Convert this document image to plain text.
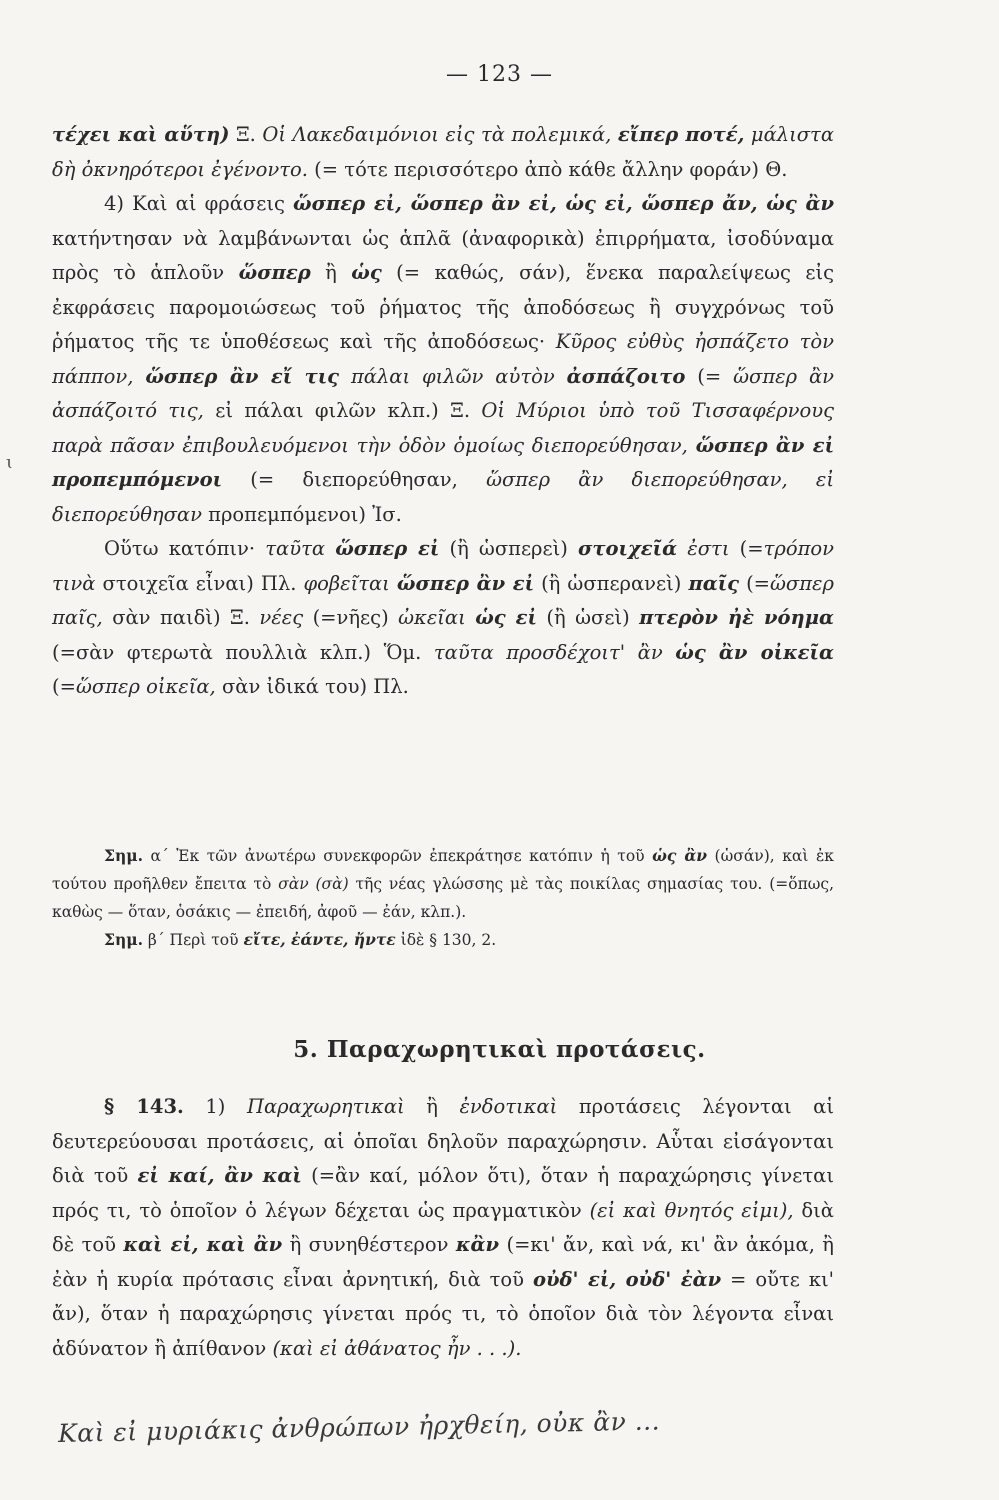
— 123 —
ɩ

τέχει καὶ αὕτη) Ξ. Οἱ Λακεδαιμόνιοι εἰς τὰ πολεμικά, εἴπερ ποτέ, μάλιστα δὴ ὀκνηρότεροι ἐγένοντο. (= τότε περισσότερο ἀπὸ κάθε ἄλλην φοράν) Θ.

4) Καὶ αἱ φράσεις ὥσπερ εἰ, ὥσπερ ἂν εἰ, ὡς εἰ, ὥσπερ ἄν, ὡς ἂν κατήντησαν νὰ λαμβάνωνται ὡς ἁπλᾶ (ἀναφορικὰ) ἐπιρρήματα, ἰσοδύναμα πρὸς τὸ ἁπλοῦν ὥσπερ ἢ ὡς (= καθώς, σάν), ἕνεκα παραλείψεως εἰς ἐκφράσεις παρομοιώσεως τοῦ ῥήματος τῆς ἀποδόσεως ἢ συγχρόνως τοῦ ῥήματος τῆς τε ὑποθέσεως καὶ τῆς ἀποδόσεως· Κῦρος εὐθὺς ἠσπάζετο τὸν πάππον, ὥσπερ ἂν εἴ τις πάλαι φιλῶν αὐτὸν ἀσπάζοιτο (= ὥσπερ ἂν ἀσπάζοιτό τις, εἰ πάλαι φιλῶν κλπ.) Ξ. Οἱ Μύριοι ὑπὸ τοῦ Τισσαφέρνους παρὰ πᾶσαν ἐπιβουλευόμενοι τὴν ὁδὸν ὁμοίως διεπορεύθησαν, ὥσπερ ἂν εἰ προπεμπόμενοι (= διεπορεύθησαν, ὥσπερ ἂν διεπορεύθησαν, εἰ διεπορεύθησαν προπεμπόμενοι) Ἰσ.

Οὕτω κατόπιν· ταῦτα ὥσπερ εἰ (ἢ ὡσπερεὶ) στοιχεῖά ἐστι (=τρόπον τινὰ στοιχεῖα εἶναι) Πλ. φοβεῖται ὥσπερ ἂν εἰ (ἢ ὡσπερανεὶ) παῖς (=ὥσπερ παῖς, σὰν παιδὶ) Ξ. νέες (=νῆες) ὠκεῖαι ὡς εἰ (ἢ ὡσεὶ) πτερὸν ἠὲ νόημα (=σὰν φτερωτὰ πουλλιὰ κλπ.) Ὅμ. ταῦτα προσδέχοιτ' ἂν ὡς ἂν οἰκεῖα (=ὥσπερ οἰκεῖα, σὰν ἰδικά του) Πλ.

Σημ. α΄ Ἐκ τῶν ἀνωτέρω συνεκφορῶν ἐπεκράτησε κατόπιν ἡ τοῦ ὡς ἂν (ὡσάν), καὶ ἐκ τούτου προῆλθεν ἔπειτα τὸ σὰν (σὰ) τῆς νέας γλώσσης μὲ τὰς ποικίλας σημασίας του. (=ὅπως, καθὼς — ὅταν, ὁσάκις — ἐπειδή, ἀφοῦ — ἐάν, κλπ.).

Σημ. β΄ Περὶ τοῦ εἴτε, ἐάντε, ἤντε ἰδὲ § 130, 2.

5. Παραχωρητικαὶ προτάσεις.

§ 143. 1) Παραχωρητικαὶ ἢ ἐνδοτικαὶ προτάσεις λέγονται αἱ δευτερεύουσαι προτάσεις, αἱ ὁποῖαι δηλοῦν παραχώρησιν. Αὗται εἰσάγονται διὰ τοῦ εἰ καί, ἂν καὶ (=ἂν καί, μόλον ὅτι), ὅταν ἡ παραχώρησις γίνεται πρός τι, τὸ ὁποῖον ὁ λέγων δέχεται ὡς πραγματικὸν (εἰ καὶ θνητός εἰμι), διὰ δὲ τοῦ καὶ εἰ, καὶ ἂν ἢ συνηθέστερον κἂν (=κι' ἄν, καὶ νά, κι' ἂν ἀκόμα, ἢ ἐὰν ἡ κυρία πρότασις εἶναι ἀρνητική, διὰ τοῦ οὐδ' εἰ, οὐδ' ἐὰν = οὔτε κι' ἄν), ὅταν ἡ παραχώρησις γίνεται πρός τι, τὸ ὁποῖον διὰ τὸν λέγοντα εἶναι ἀδύνατον ἢ ἀπίθανον (καὶ εἰ ἀθάνατος ἦν . . .).

Καὶ εἰ μυριάκις ἀνθρώπων ἠρχθείη, οὐκ ἂν ...
